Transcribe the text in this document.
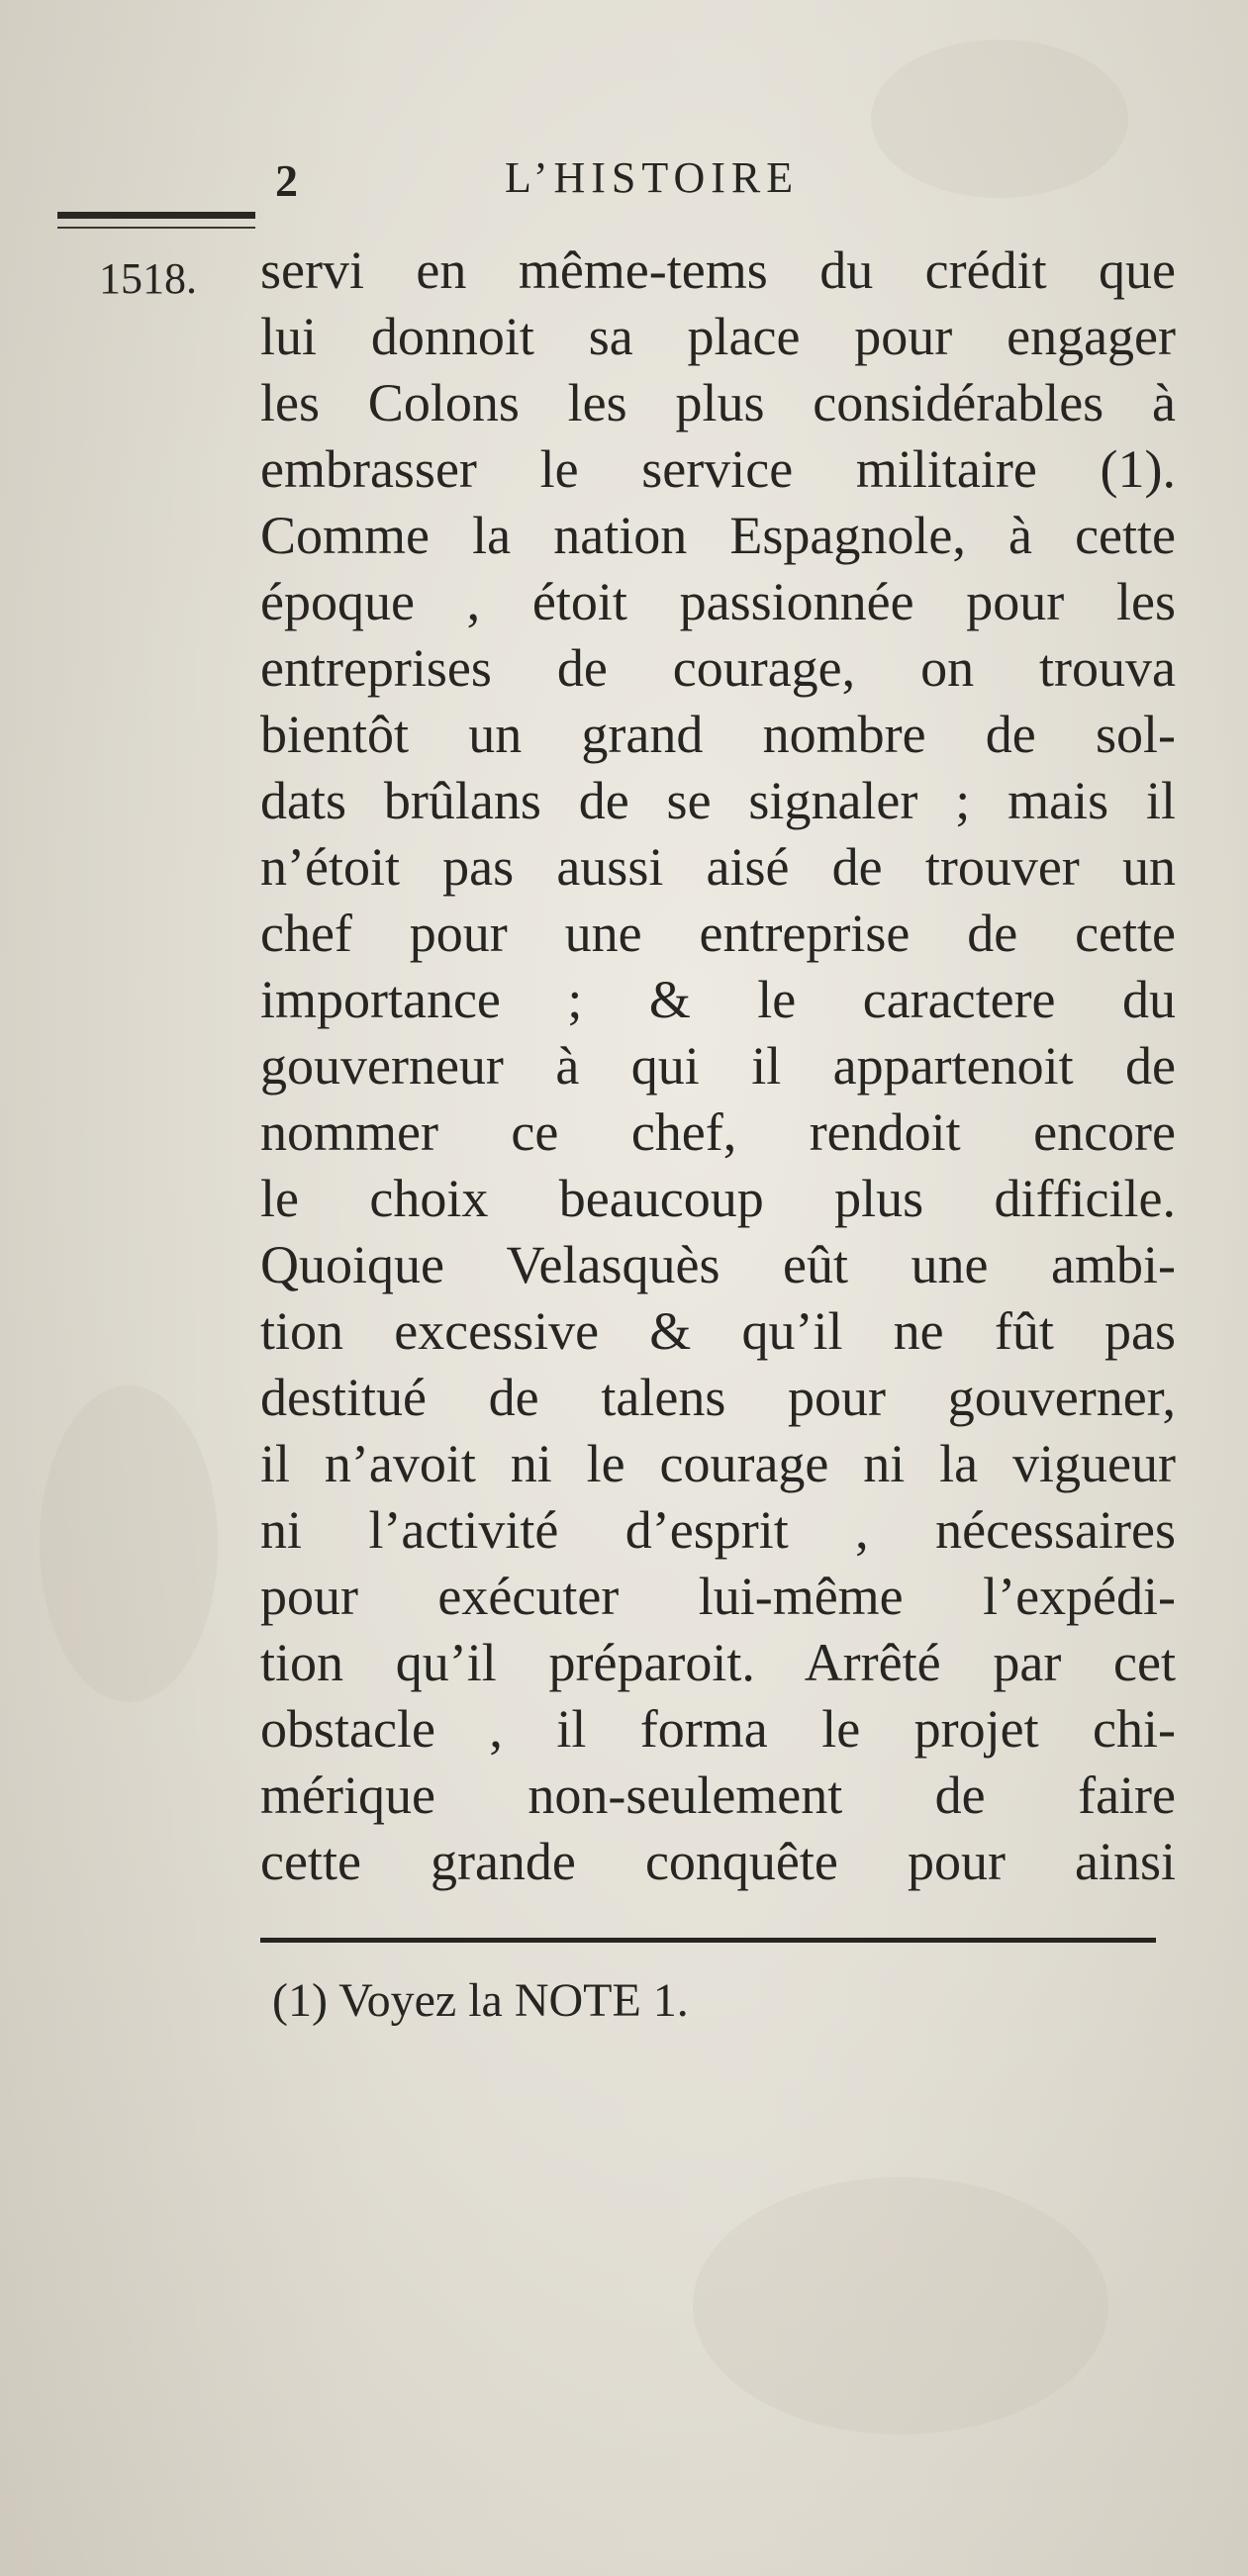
2	L’HISTOIRE
1518. servi en même-tems du crédit que
lui donnoit sa place pour engager
les Colons les plus considérables à
embrasser le service militaire (1).
Comme la nation Espagnole, à cette
époque , étoit passionnée pour les
entreprises de courage, on trouva
bientôt un grand nombre de sol-
dats brûlans de se signaler ; mais il
n’étoit pas aussi aisé de trouver un
chef pour une entreprise de cette
importance ; & le caractere du
gouverneur à qui il appartenoit de
nommer ce chef, rendoit encore
le choix beaucoup plus difficile.
Quoique Velasquès eût une ambi-
tion excessive & qu’il ne fût pas
destitué de talens pour gouverner,
il n’avoit ni le courage ni la vigueur
ni l’activité d’esprit , nécessaires
pour exécuter lui-même l’expédi-
tion qu’il préparoit. Arrêté par cet
obstacle , il forma le projet chi-
mérique non-seulement de faire
cette grande conquête pour ainsi
(1) Voyez la NOTE 1.
